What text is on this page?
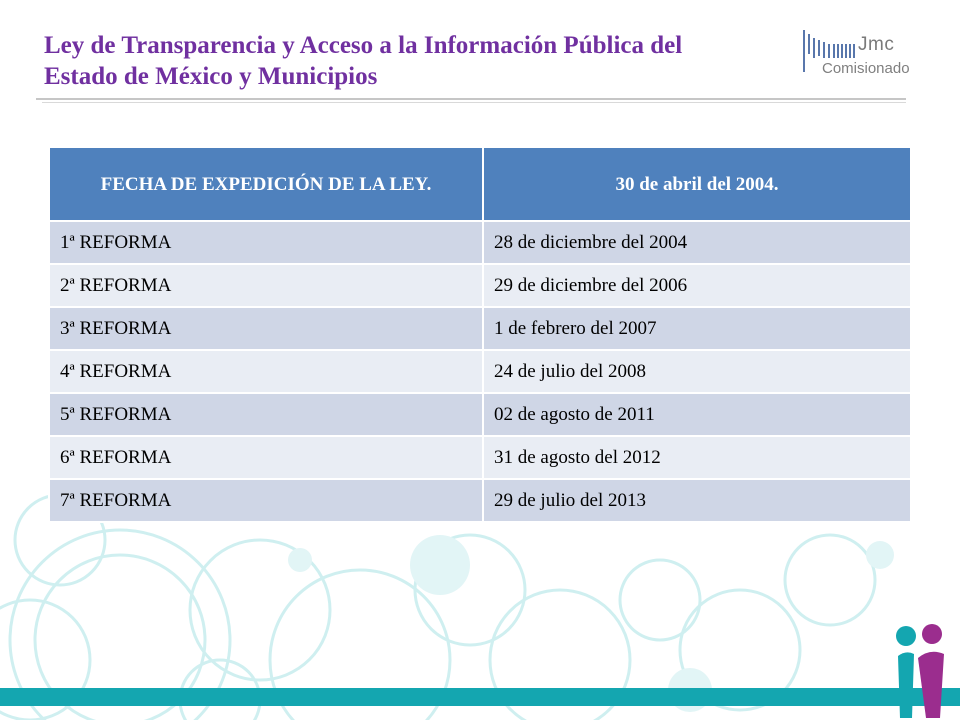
Ley de Transparencia y Acceso a la Información Pública del
Estado de México y Municipios
Jmc
Comisionado
FECHA DE EXPEDICIÓN DE LA LEY.	30 de abril del 2004.
1ª REFORMA	28 de diciembre del 2004
2ª REFORMA	29 de diciembre del 2006
3ª REFORMA	1 de febrero del 2007
4ª REFORMA	24 de julio del 2008
5ª REFORMA	02 de agosto de 2011
6ª REFORMA	31 de agosto del 2012
7ª REFORMA	29 de julio del 2013
